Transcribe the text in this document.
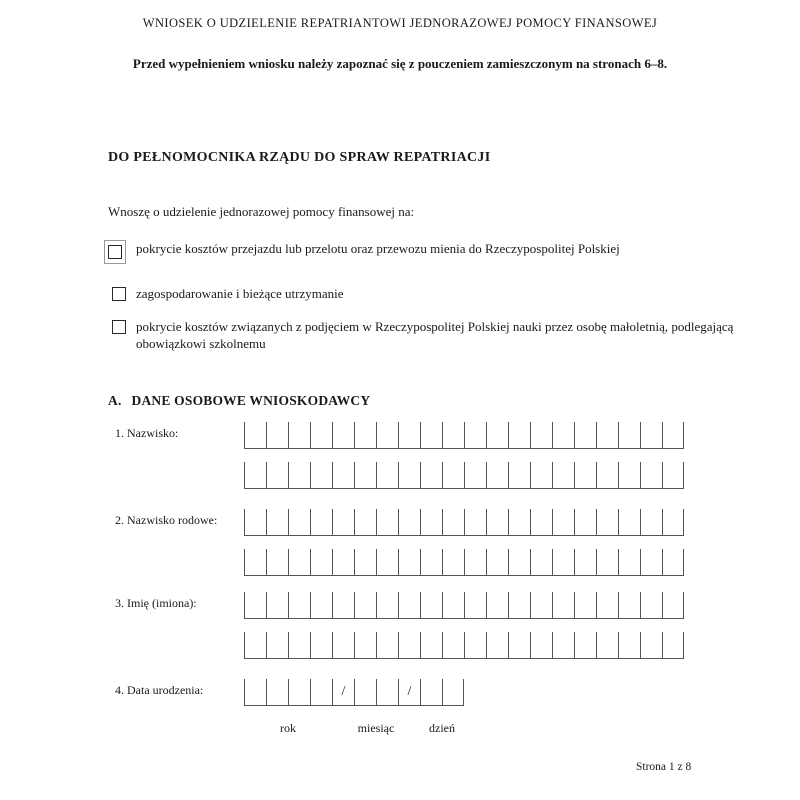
WNIOSEK O UDZIELENIE REPATRIANTOWI JEDNORAZOWEJ POMOCY FINANSOWEJ
Przed wypełnieniem wniosku należy zapoznać się z pouczeniem zamieszczonym na stronach 6–8.
DO PEŁNOMOCNIKA RZĄDU DO SPRAW REPATRIACJI
Wnoszę o udzielenie jednorazowej pomocy finansowej na:
pokrycie kosztów przejazdu lub przelotu oraz przewozu mienia do Rzeczypospolitej Polskiej
zagospodarowanie i bieżące utrzymanie
pokrycie kosztów związanych z podjęciem w Rzeczypospolitej Polskiej nauki przez osobę małoletnią, podlegającą obowiązkowi szkolnemu
A. DANE OSOBOWE WNIOSKODAWCY
1. Nazwisko:
2. Nazwisko rodowe:
3. Imię (imiona):
4. Data urodzenia:	/	/
rok	miesiąc	dzień
Strona 1 z 8
